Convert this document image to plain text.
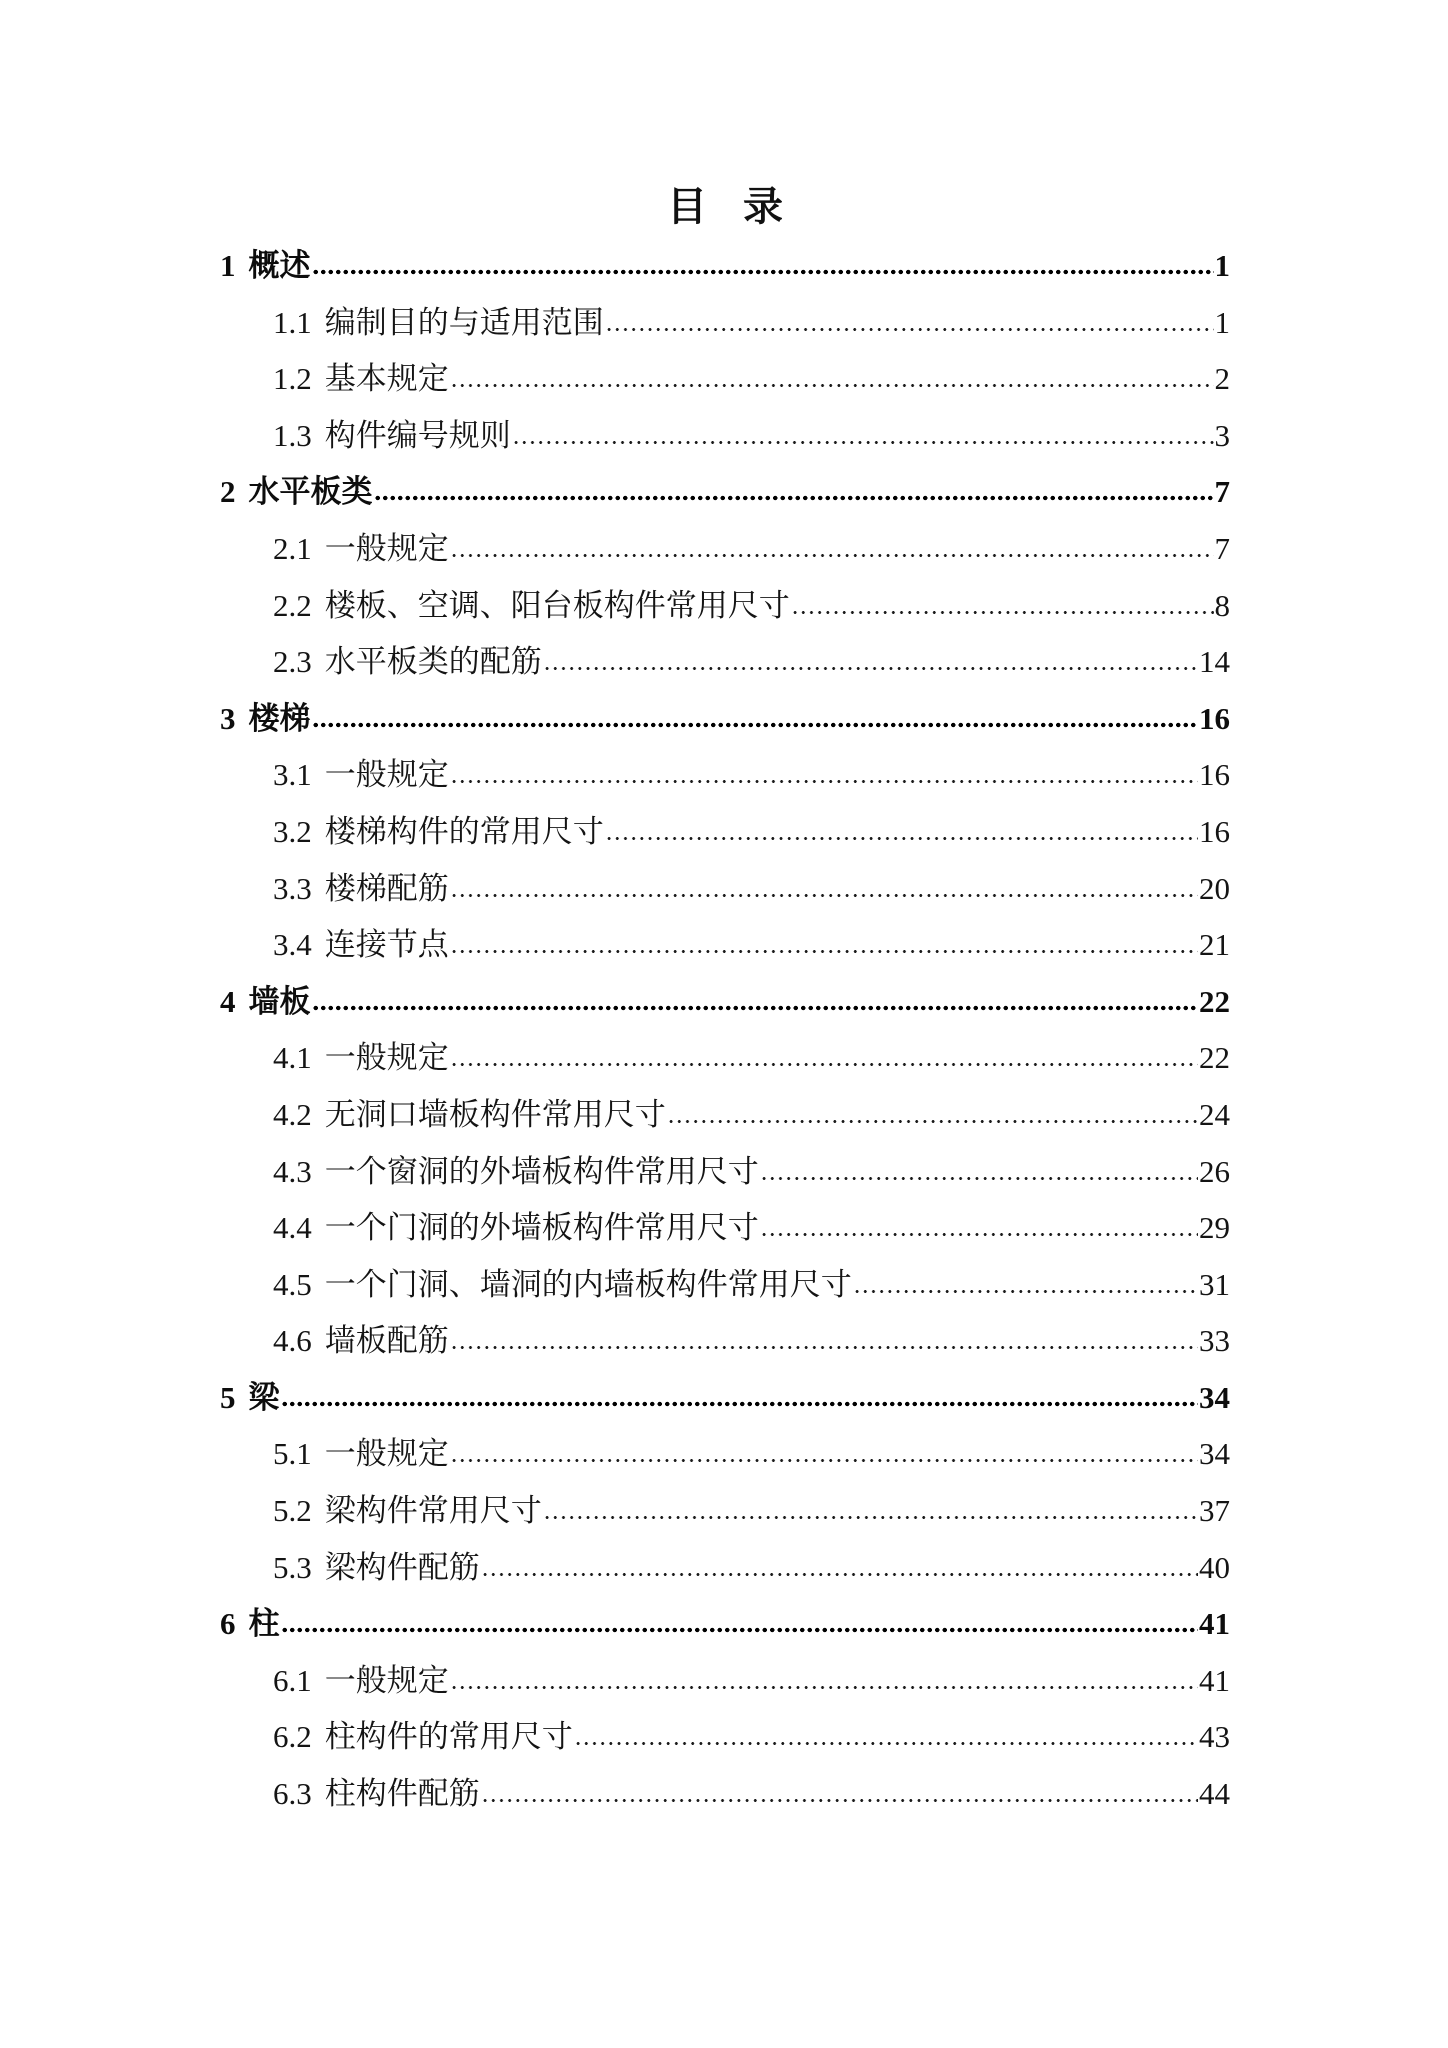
目 录
1 概述	1
1.1 编制目的与适用范围	1
1.2 基本规定	2
1.3 构件编号规则	3
2 水平板类	7
2.1 一般规定	7
2.2 楼板、空调、阳台板构件常用尺寸	8
2.3 水平板类的配筋	14
3 楼梯	16
3.1 一般规定	16
3.2 楼梯构件的常用尺寸	16
3.3 楼梯配筋	20
3.4 连接节点	21
4 墙板	22
4.1 一般规定	22
4.2 无洞口墙板构件常用尺寸	24
4.3 一个窗洞的外墙板构件常用尺寸	26
4.4 一个门洞的外墙板构件常用尺寸	29
4.5 一个门洞、墙洞的内墙板构件常用尺寸	31
4.6 墙板配筋	33
5 梁	34
5.1 一般规定	34
5.2 梁构件常用尺寸	37
5.3 梁构件配筋	40
6 柱	41
6.1 一般规定	41
6.2 柱构件的常用尺寸	43
6.3 柱构件配筋	44
